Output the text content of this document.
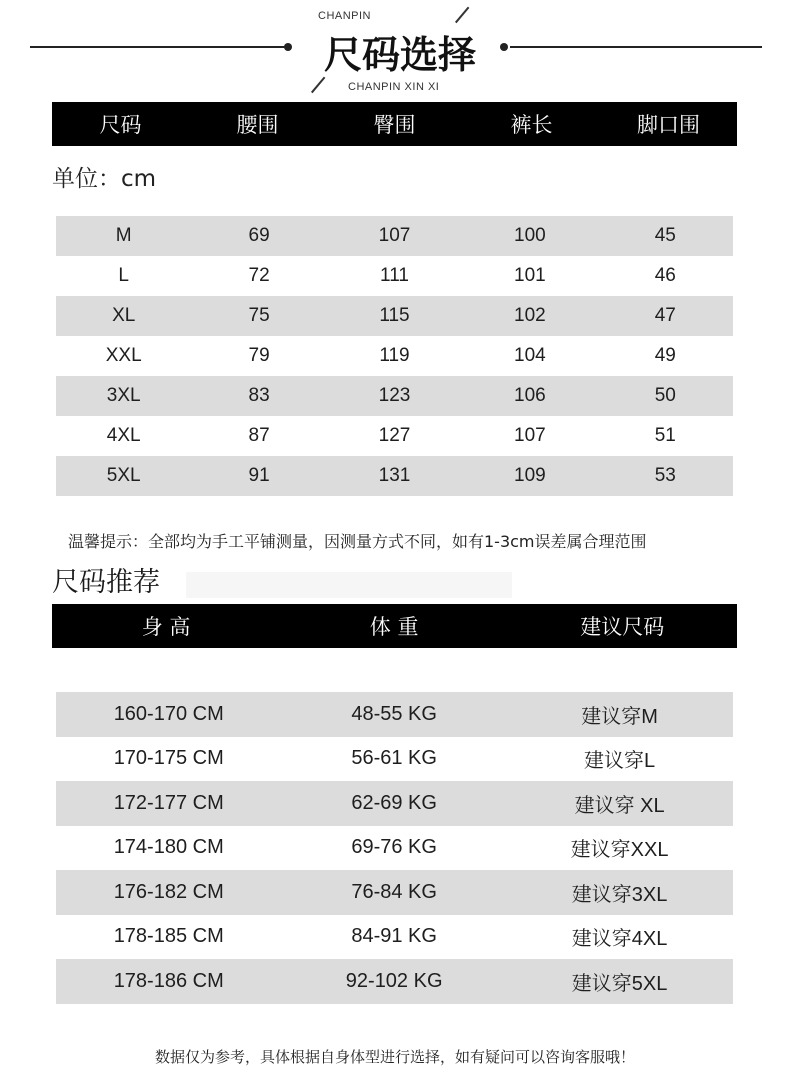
CHANPIN
尺码选择
CHANPIN XIN XI
尺码	腰围	臀围	裤长	脚口围
单位：cm
M	69	107	100	45
L	72	111	101	46
XL	75	115	102	47
XXL	79	119	104	49
3XL	83	123	106	50
4XL	87	127	107	51
5XL	91	131	109	53
温馨提示：全部均为手工平铺测量，因测量方式不同，如有1-3cm误差属合理范围
尺码推荐
身 高	体 重	建议尺码
160-170 CM	48-55 KG	建议穿M
170-175 CM	56-61 KG	建议穿L
172-177 CM	62-69 KG	建议穿 XL
174-180 CM	69-76 KG	建议穿XXL
176-182 CM	76-84 KG	建议穿3XL
178-185 CM	84-91 KG	建议穿4XL
178-186 CM	92-102 KG	建议穿5XL
数据仅为参考，具体根据自身体型进行选择，如有疑问可以咨询客服哦！
